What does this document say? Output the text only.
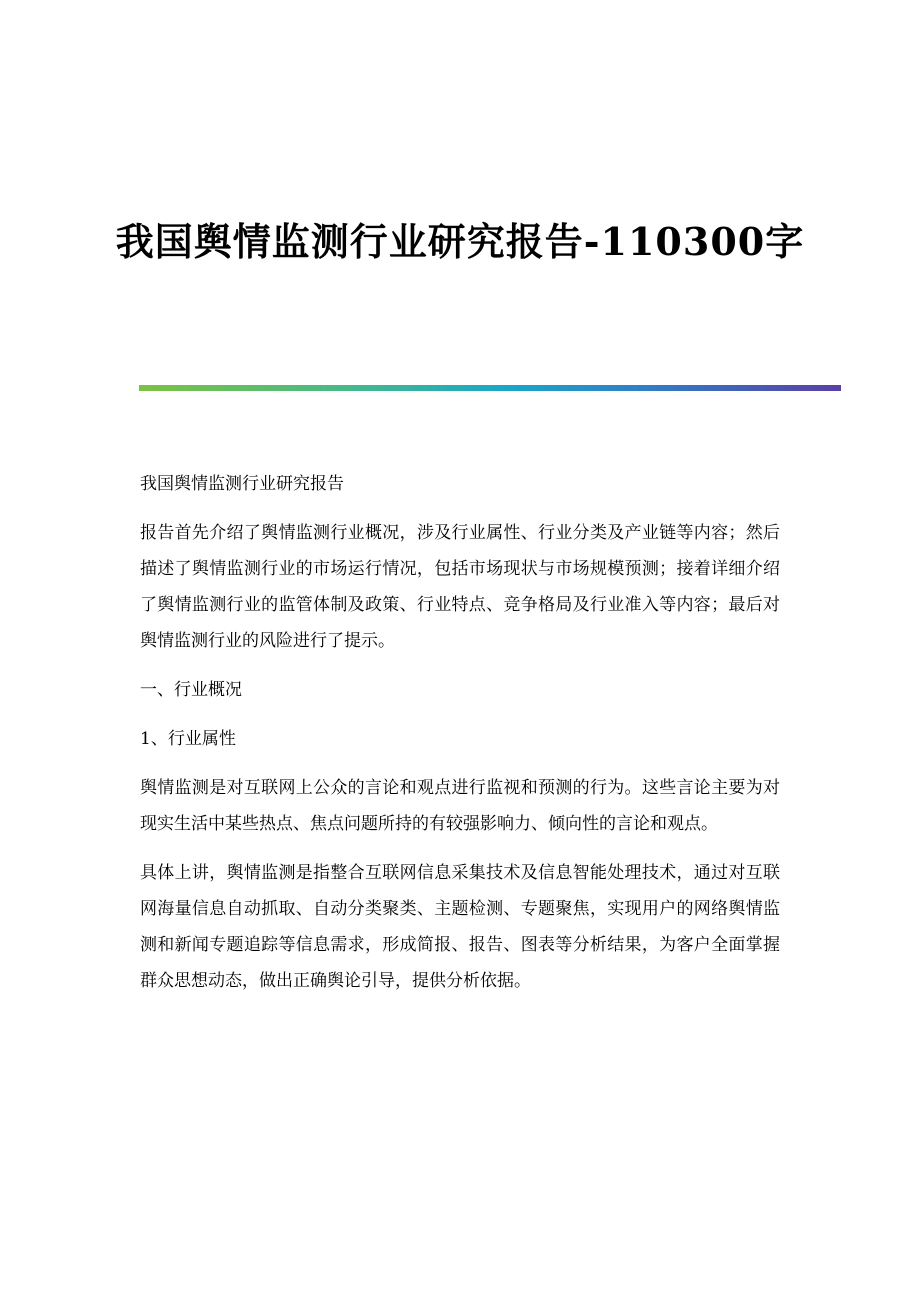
我国舆情监测行业研究报告-110300字

我国舆情监测行业研究报告

报告首先介绍了舆情监测行业概况，涉及行业属性、行业分类及产业链等内容；然后描述了舆情监测行业的市场运行情况，包括市场现状与市场规模预测；接着详细介绍了舆情监测行业的监管体制及政策、行业特点、竞争格局及行业准入等内容；最后对舆情监测行业的风险进行了提示。

一、行业概况

1、行业属性

舆情监测是对互联网上公众的言论和观点进行监视和预测的行为。这些言论主要为对现实生活中某些热点、焦点问题所持的有较强影响力、倾向性的言论和观点。

具体上讲，舆情监测是指整合互联网信息采集技术及信息智能处理技术，通过对互联网海量信息自动抓取、自动分类聚类、主题检测、专题聚焦，实现用户的网络舆情监测和新闻专题追踪等信息需求，形成简报、报告、图表等分析结果，为客户全面掌握群众思想动态，做出正确舆论引导，提供分析依据。
